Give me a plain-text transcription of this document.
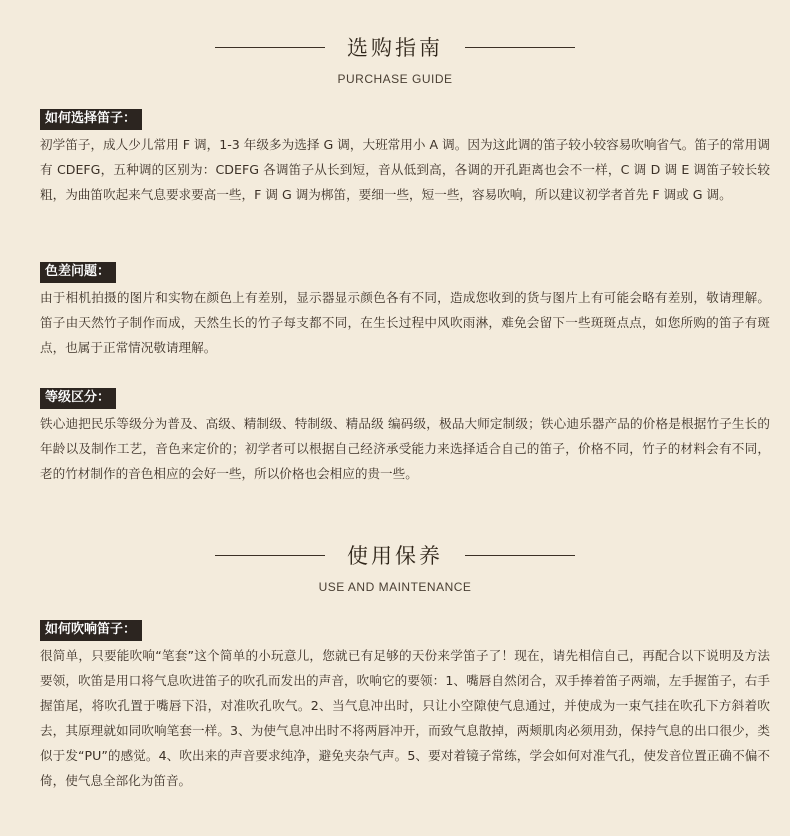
选购指南
PURCHASE GUIDE
如何选择笛子：
初学笛子，成人少儿常用 F 调，1-3 年级多为选择 G 调，大班常用小 A 调。因为这此调的笛子较小较容易吹响省气。笛子的常用调有 CDEFG，五种调的区别为：CDEFG 各调笛子从长到短，音从低到高，各调的开孔距离也会不一样，C 调 D 调 E 调笛子较长较粗，为曲笛吹起来气息要求要高一些，F 调 G 调为梆笛，要细一些，短一些，容易吹响，所以建议初学者首先 F 调或 G 调。
色差问题：
由于相机拍摄的图片和实物在颜色上有差别，显示器显示颜色各有不同，造成您收到的货与图片上有可能会略有差别，敬请理解。笛子由天然竹子制作而成，天然生长的竹子每支都不同，在生长过程中风吹雨淋，难免会留下一些斑斑点点，如您所购的笛子有斑点，也属于正常情况敬请理解。
等级区分：
铁心迪把民乐等级分为普及、高级、精制级、特制级、精品级 编码级，极品大师定制级；铁心迪乐器产品的价格是根据竹子生长的年龄以及制作工艺，音色来定价的；初学者可以根据自己经济承受能力来选择适合自己的笛子，价格不同，竹子的材料会有不同，老的竹材制作的音色相应的会好一些，所以价格也会相应的贵一些。
使用保养
USE AND MAINTENANCE
如何吹响笛子：
很简单，只要能吹响“笔套”这个简单的小玩意儿，您就已有足够的天份来学笛子了！现在，请先相信自己，再配合以下说明及方法要领，吹笛是用口将气息吹进笛子的吹孔而发出的声音，吹响它的要领：1、嘴唇自然闭合，双手捧着笛子两端，左手握笛子，右手握笛尾，将吹孔置于嘴唇下沿，对准吹孔吹气。2、当气息冲出时，只让小空隙使气息通过，并使成为一束气挂在吹孔下方斜着吹去，其原理就如同吹响笔套一样。3、为使气息冲出时不将两唇冲开，而致气息散掉，两颊肌肉必须用劲，保持气息的出口很少，类似于发“PU”的感觉。4、吹出来的声音要求纯净，避免夹杂气声。5、要对着镜子常练，学会如何对准气孔，使发音位置正确不偏不倚，使气息全部化为笛音。
